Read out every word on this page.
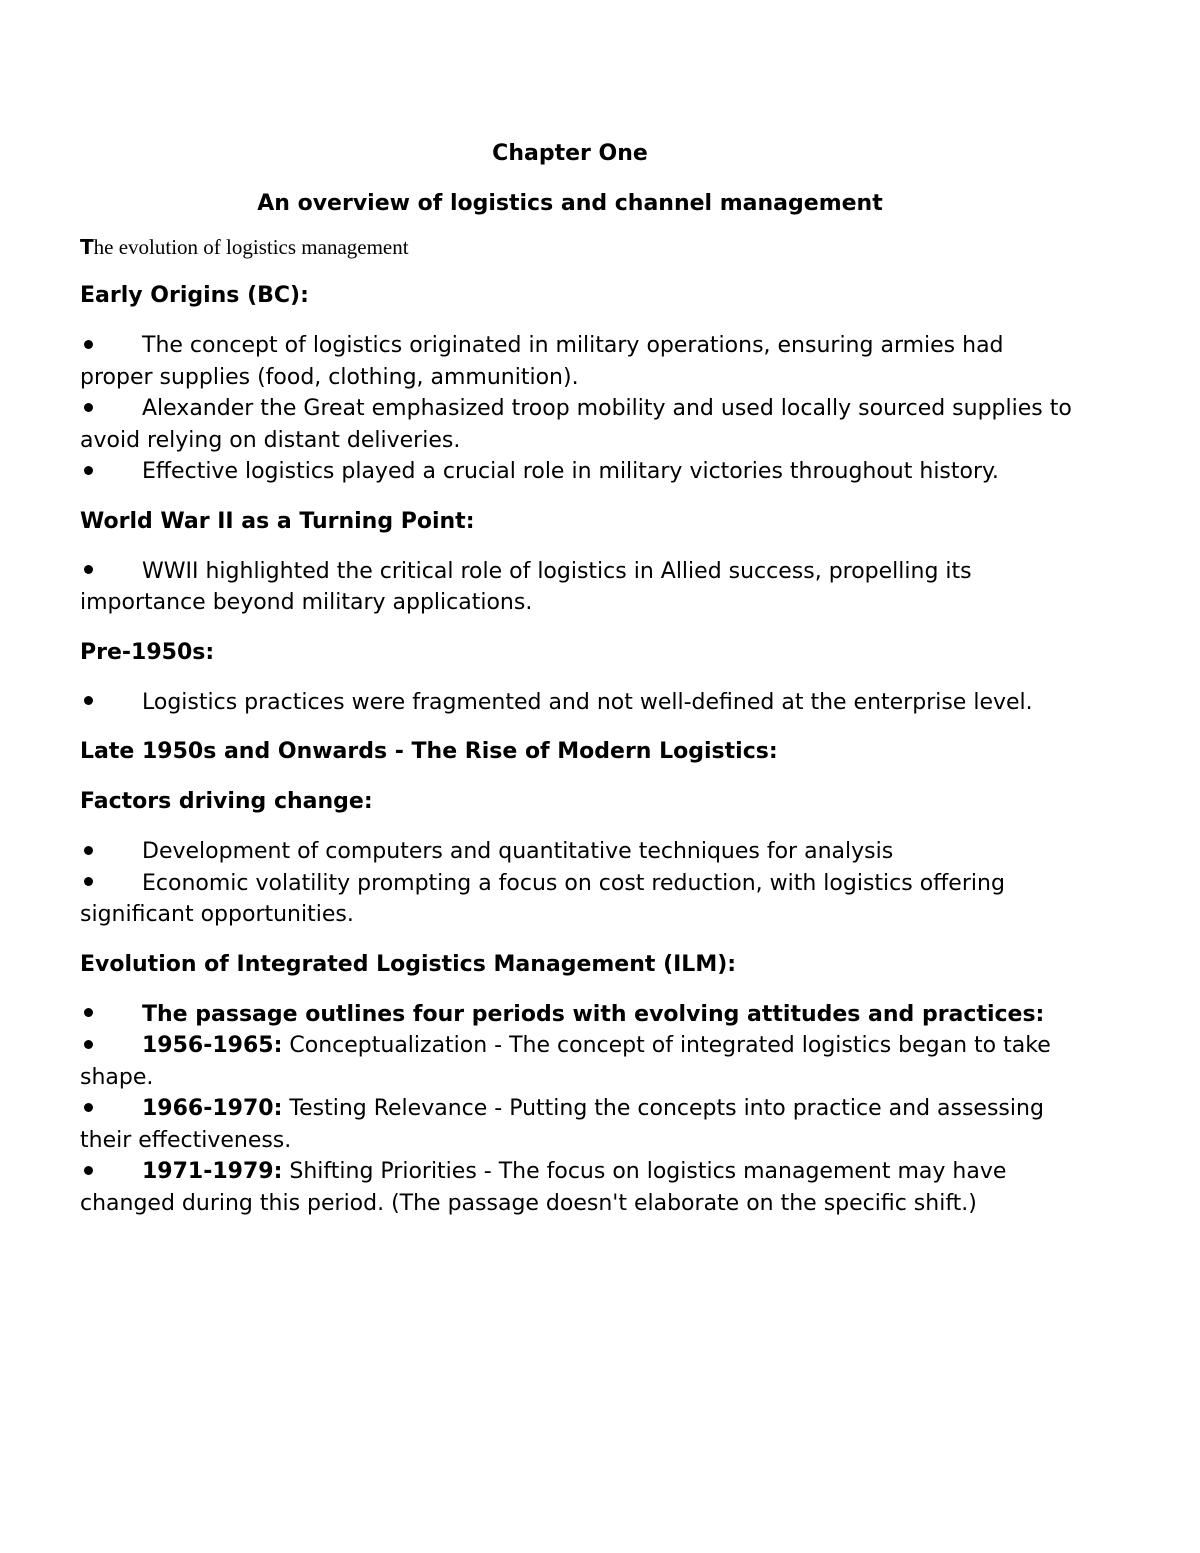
Chapter One
An overview of logistics and channel management
The evolution of logistics management
Early Origins (BC):
The concept of logistics originated in military operations, ensuring armies had proper supplies (food, clothing, ammunition).
Alexander the Great emphasized troop mobility and used locally sourced supplies to avoid relying on distant deliveries.
Effective logistics played a crucial role in military victories throughout history.
World War II as a Turning Point:
WWII highlighted the critical role of logistics in Allied success, propelling its importance beyond military applications.
Pre-1950s:
Logistics practices were fragmented and not well-defined at the enterprise level.
Late 1950s and Onwards - The Rise of Modern Logistics:
Factors driving change:
Development of computers and quantitative techniques for analysis
Economic volatility prompting a focus on cost reduction, with logistics offering significant opportunities.
Evolution of Integrated Logistics Management (ILM):
The passage outlines four periods with evolving attitudes and practices:
1956-1965: Conceptualization - The concept of integrated logistics began to take shape.
1966-1970: Testing Relevance - Putting the concepts into practice and assessing their effectiveness.
1971-1979: Shifting Priorities - The focus on logistics management may have changed during this period. (The passage doesn't elaborate on the specific shift.)
